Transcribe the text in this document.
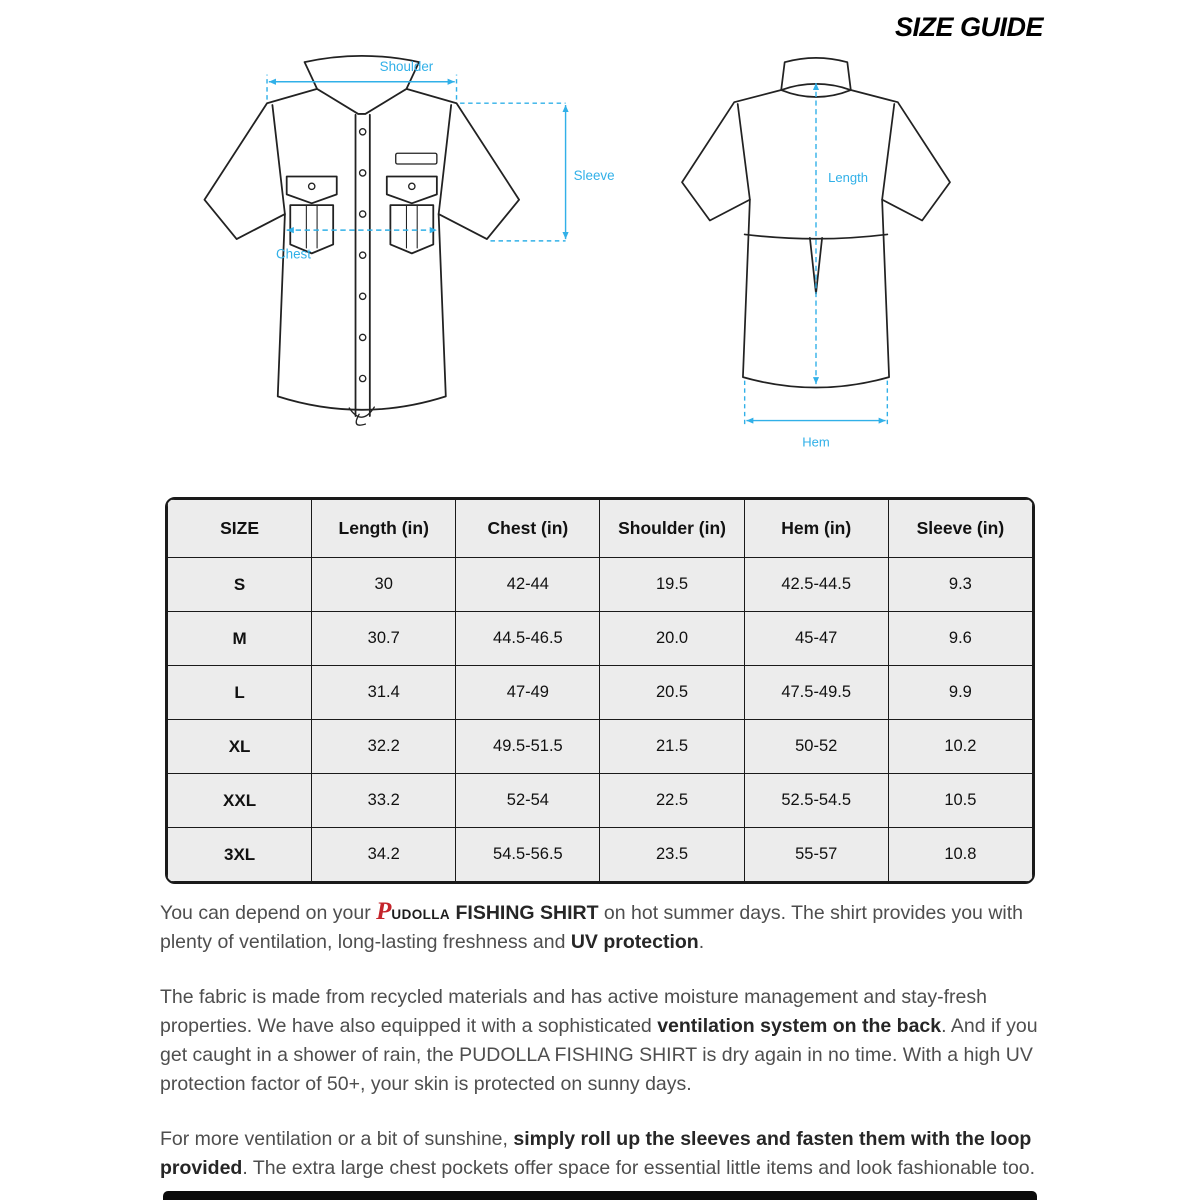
SIZE GUIDE
Shoulder
Sleeve
Chest
Length
Hem
SIZE	Length (in)	Chest (in)	Shoulder (in)	Hem (in)	Sleeve (in)
S	30	42-44	19.5	42.5-44.5	9.3
M	30.7	44.5-46.5	20.0	45-47	9.6
L	31.4	47-49	20.5	47.5-49.5	9.9
XL	32.2	49.5-51.5	21.5	50-52	10.2
XXL	33.2	52-54	22.5	52.5-54.5	10.5
3XL	34.2	54.5-56.5	23.5	55-57	10.8

You can depend on your PUDOLLA FISHING SHIRT on hot summer days. The shirt provides you with plenty of ventilation, long-lasting freshness and UV protection.

The fabric is made from recycled materials and has active moisture management and stay-fresh properties. We have also equipped it with a sophisticated ventilation system on the back. And if you get caught in a shower of rain, the PUDOLLA FISHING SHIRT is dry again in no time. With a high UV protection factor of 50+, your skin is protected on sunny days.

For more ventilation or a bit of sunshine, simply roll up the sleeves and fasten them with the loop provided. The extra large chest pockets offer space for essential little items and look fashionable too.
